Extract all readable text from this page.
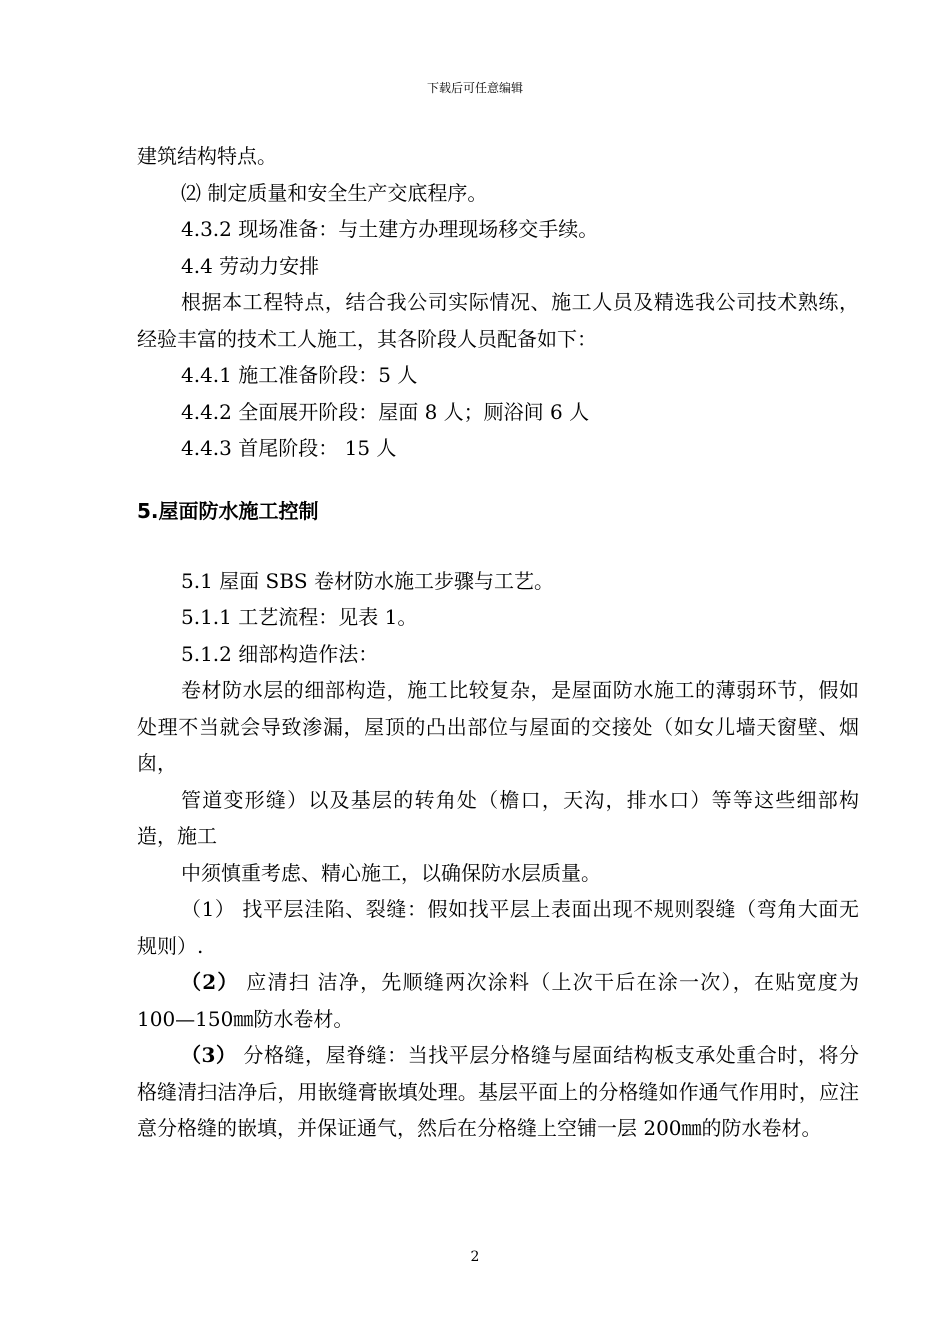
下载后可任意编辑

建筑结构特点。

⑵ 制定质量和安全生产交底程序。

4.3.2 现场准备：与土建方办理现场移交手续。

4.4 劳动力安排

根据本工程特点，结合我公司实际情况、施工人员及精选我公司技术熟练，经验丰富的技术工人施工，其各阶段人员配备如下：

4.4.1 施工准备阶段：5 人

4.4.2 全面展开阶段：屋面 8 人；厕浴间 6 人

4.4.3 首尾阶段： 15 人

5.屋面防水施工控制

5.1 屋面 SBS 卷材防水施工步骤与工艺。

5.1.1 工艺流程：见表 1。

5.1.2 细部构造作法：

卷材防水层的细部构造，施工比较复杂，是屋面防水施工的薄弱环节，假如处理不当就会导致渗漏，屋顶的凸出部位与屋面的交接处（如女儿墙天窗壁、烟囱，

管道变形缝）以及基层的转角处（檐口，天沟，排水口）等等这些细部构造，施工

中须慎重考虑、精心施工，以确保防水层质量。

（1） 找平层洼陷、裂缝：假如找平层上表面出现不规则裂缝（弯角大面无规则）.

（2） 应清扫 洁净，先顺缝两次涂料（上次干后在涂一次），在贴宽度为 100—150㎜防水卷材。

（3） 分格缝，屋脊缝：当找平层分格缝与屋面结构板支承处重合时，将分格缝清扫洁净后，用嵌缝膏嵌填处理。基层平面上的分格缝如作通气作用时，应注意分格缝的嵌填，并保证通气，然后在分格缝上空铺一层 200㎜的防水卷材。

2
